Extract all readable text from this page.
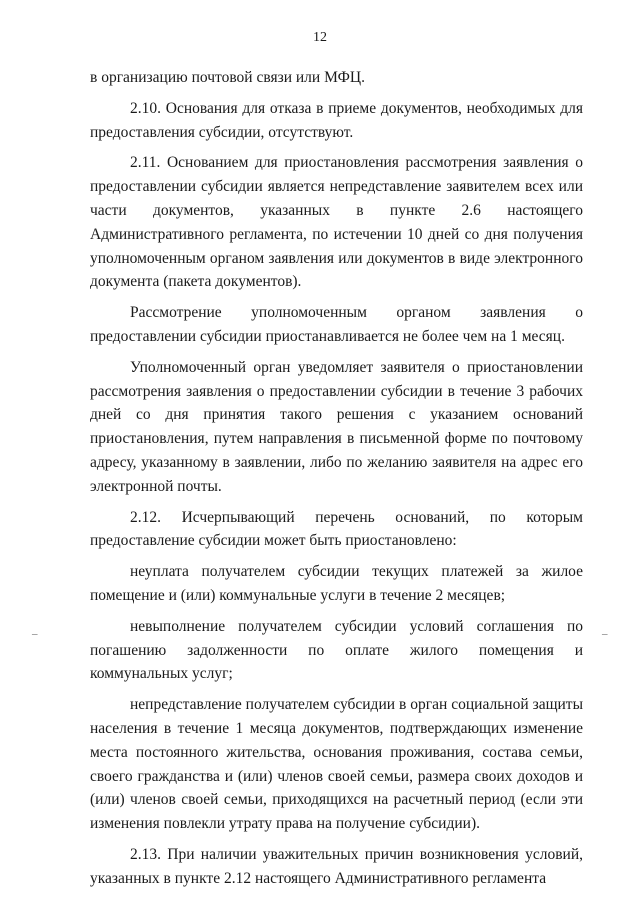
12

в организацию почтовой связи или МФЦ.

2.10. Основания для отказа в приеме документов, необходимых для предоставления субсидии, отсутствуют.

2.11. Основанием для приостановления рассмотрения заявления о предоставлении субсидии является непредставление заявителем всех или части документов, указанных в пункте 2.6 настоящего Административного регламента, по истечении 10 дней со дня получения уполномоченным органом заявления или документов в виде электронного документа (пакета документов).

Рассмотрение уполномоченным органом заявления о предоставлении субсидии приостанавливается не более чем на 1 месяц.

Уполномоченный орган уведомляет заявителя о приостановлении рассмотрения заявления о предоставлении субсидии в течение 3 рабочих дней со дня принятия такого решения с указанием оснований приостановления, путем направления в письменной форме по почтовому адресу, указанному в заявлении, либо по желанию заявителя на адрес его электронной почты.

2.12. Исчерпывающий перечень оснований, по которым предоставление субсидии может быть приостановлено:

неуплата получателем субсидии текущих платежей за жилое помещение и (или) коммунальные услуги в течение 2 месяцев;

невыполнение получателем субсидии условий соглашения по погашению задолженности по оплате жилого помещения и коммунальных услуг;

непредставление получателем субсидии в орган социальной защиты населения в течение 1 месяца документов, подтверждающих изменение места постоянного жительства, основания проживания, состава семьи, своего гражданства и (или) членов своей семьи, размера своих доходов и (или) членов своей семьи, приходящихся на расчетный период (если эти изменения повлекли утрату права на получение субсидии).

2.13. При наличии уважительных причин возникновения условий, указанных в пункте 2.12 настоящего Административного регламента

–	–
